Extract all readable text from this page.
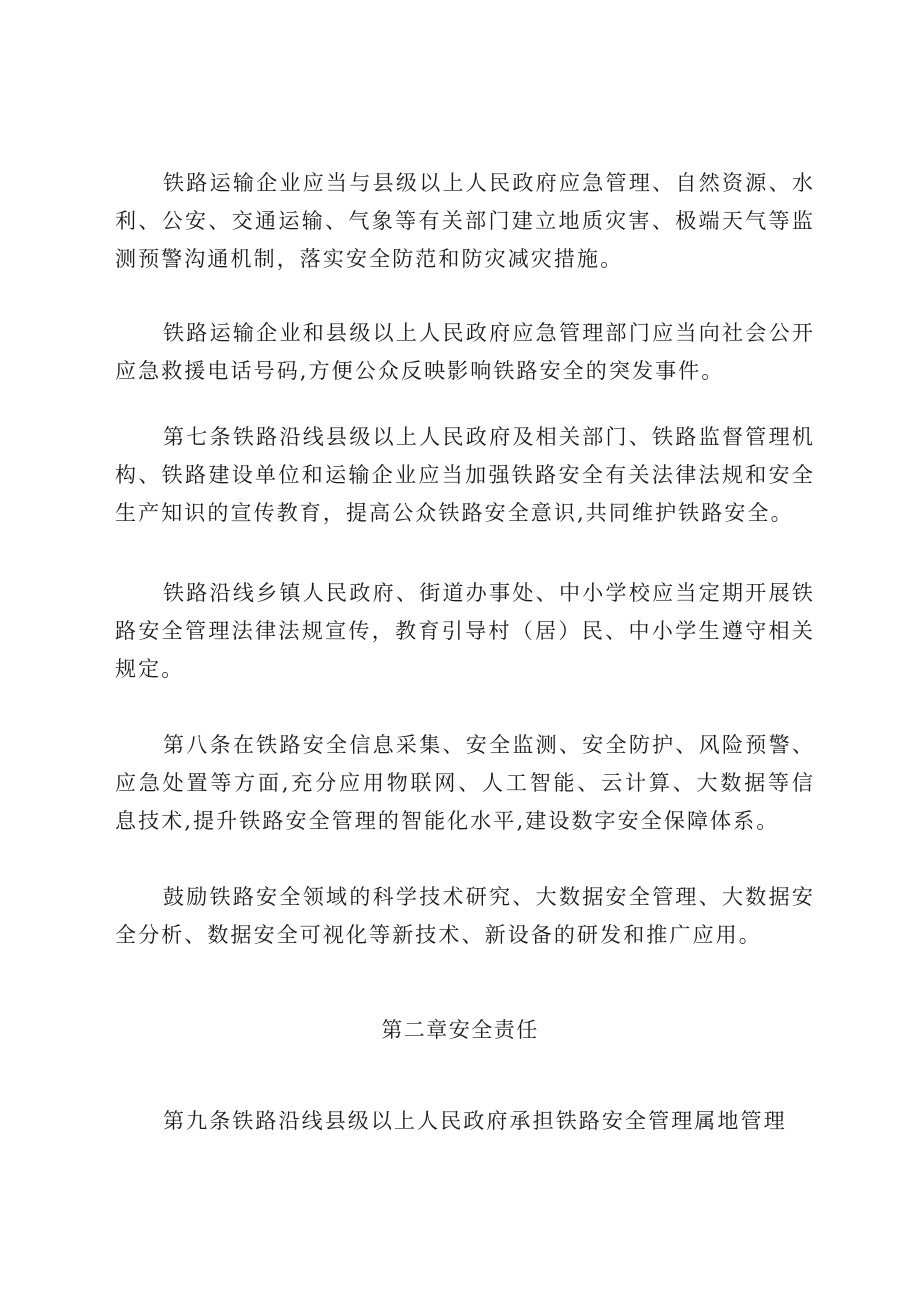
铁路运输企业应当与县级以上人民政府应急管理、自然资源、水利、公安、交通运输、气象等有关部门建立地质灾害、极端天气等监测预警沟通机制，落实安全防范和防灾减灾措施。

铁路运输企业和县级以上人民政府应急管理部门应当向社会公开应急救援电话号码,方便公众反映影响铁路安全的突发事件。

第七条铁路沿线县级以上人民政府及相关部门、铁路监督管理机构、铁路建设单位和运输企业应当加强铁路安全有关法律法规和安全生产知识的宣传教育，提高公众铁路安全意识,共同维护铁路安全。

铁路沿线乡镇人民政府、街道办事处、中小学校应当定期开展铁路安全管理法律法规宣传，教育引导村（居）民、中小学生遵守相关规定。

第八条在铁路安全信息采集、安全监测、安全防护、风险预警、应急处置等方面,充分应用物联网、人工智能、云计算、大数据等信息技术,提升铁路安全管理的智能化水平,建设数字安全保障体系。

鼓励铁路安全领域的科学技术研究、大数据安全管理、大数据安全分析、数据安全可视化等新技术、新设备的研发和推广应用。

第二章安全责任

第九条铁路沿线县级以上人民政府承担铁路安全管理属地管理
